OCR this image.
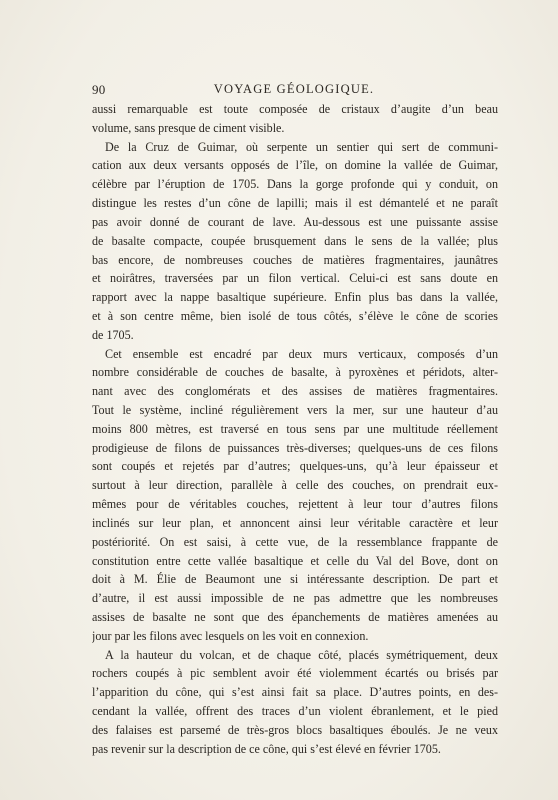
90	VOYAGE GÉOLOGIQUE.
aussi remarquable est toute composée de cristaux d’augite d’un beau
volume, sans presque de ciment visible.
De la Cruz de Guimar, où serpente un sentier qui sert de communi-
cation aux deux versants opposés de l’île, on domine la vallée de Guimar,
célèbre par l’éruption de 1705. Dans la gorge profonde qui y conduit, on
distingue les restes d’un cône de lapilli; mais il est démantelé et ne paraît
pas avoir donné de courant de lave. Au-dessous est une puissante assise
de basalte compacte, coupée brusquement dans le sens de la vallée; plus
bas encore, de nombreuses couches de matières fragmentaires, jaunâtres
et noirâtres, traversées par un filon vertical. Celui-ci est sans doute en
rapport avec la nappe basaltique supérieure. Enfin plus bas dans la vallée,
et à son centre même, bien isolé de tous côtés, s’élève le cône de scories
de 1705.
Cet ensemble est encadré par deux murs verticaux, composés d’un
nombre considérable de couches de basalte, à pyroxènes et péridots, alter-
nant avec des conglomérats et des assises de matières fragmentaires.
Tout le système, incliné régulièrement vers la mer, sur une hauteur d’au
moins 800 mètres, est traversé en tous sens par une multitude réellement
prodigieuse de filons de puissances très-diverses; quelques-uns de ces filons
sont coupés et rejetés par d’autres; quelques-uns, qu’à leur épaisseur et
surtout à leur direction, parallèle à celle des couches, on prendrait eux-
mêmes pour de véritables couches, rejettent à leur tour d’autres filons
inclinés sur leur plan, et annoncent ainsi leur véritable caractère et leur
postériorité. On est saisi, à cette vue, de la ressemblance frappante de
constitution entre cette vallée basaltique et celle du Val del Bove, dont on
doit à M. Élie de Beaumont une si intéressante description. De part et
d’autre, il est aussi impossible de ne pas admettre que les nombreuses
assises de basalte ne sont que des épanchements de matières amenées au
jour par les filons avec lesquels on les voit en connexion.
A la hauteur du volcan, et de chaque côté, placés symétriquement, deux
rochers coupés à pic semblent avoir été violemment écartés ou brisés par
l’apparition du cône, qui s’est ainsi fait sa place. D’autres points, en des-
cendant la vallée, offrent des traces d’un violent ébranlement, et le pied
des falaises est parsemé de très-gros blocs basaltiques éboulés. Je ne veux
pas revenir sur la description de ce cône, qui s’est élevé en février 1705.
